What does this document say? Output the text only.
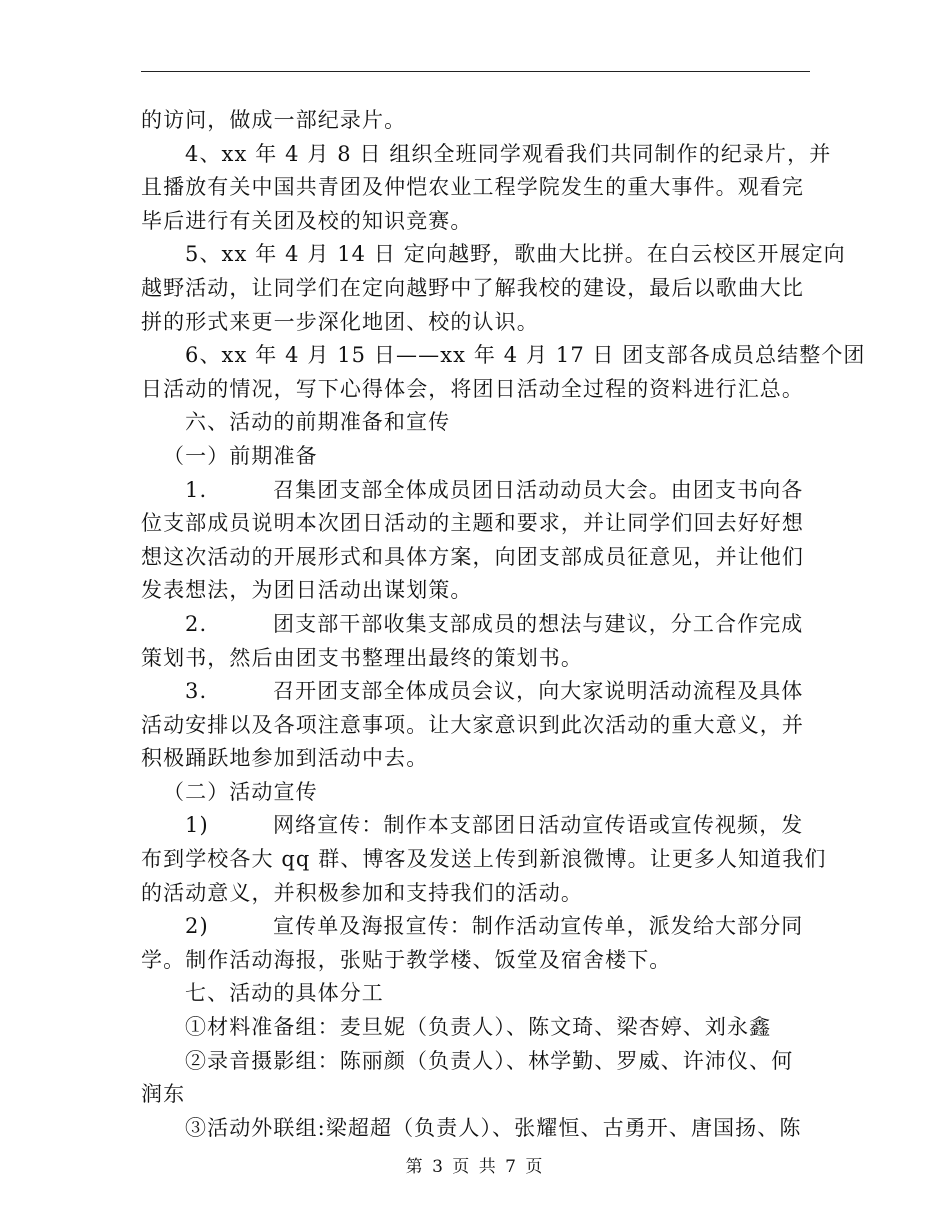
的访问，做成一部纪录片。
4、xx 年 4 月 8 日 组织全班同学观看我们共同制作的纪录片，并
且播放有关中国共青团及仲恺农业工程学院发生的重大事件。观看完
毕后进行有关团及校的知识竞赛。
5、xx 年 4 月 14 日 定向越野，歌曲大比拼。在白云校区开展定向
越野活动，让同学们在定向越野中了解我校的建设，最后以歌曲大比
拼的形式来更一步深化地团、校的认识。
6、xx 年 4 月 15 日——xx 年 4 月 17 日 团支部各成员总结整个团
日活动的情况，写下心得体会，将团日活动全过程的资料进行汇总。
六、活动的前期准备和宣传
（一）前期准备
1.	召集团支部全体成员团日活动动员大会。由团支书向各
位支部成员说明本次团日活动的主题和要求，并让同学们回去好好想
想这次活动的开展形式和具体方案，向团支部成员征意见，并让他们
发表想法，为团日活动出谋划策。
2.	团支部干部收集支部成员的想法与建议，分工合作完成
策划书，然后由团支书整理出最终的策划书。
3.	召开团支部全体成员会议，向大家说明活动流程及具体
活动安排以及各项注意事项。让大家意识到此次活动的重大意义，并
积极踊跃地参加到活动中去。
（二）活动宣传
1)	网络宣传：制作本支部团日活动宣传语或宣传视频，发
布到学校各大 qq 群、博客及发送上传到新浪微博。让更多人知道我们
的活动意义，并积极参加和支持我们的活动。
2)	宣传单及海报宣传：制作活动宣传单，派发给大部分同
学。制作活动海报，张贴于教学楼、饭堂及宿舍楼下。
七、活动的具体分工
①材料准备组：麦旦妮（负责人）、陈文琦、梁杏婷、刘永鑫
②录音摄影组：陈丽颜（负责人）、林学勤、罗威、许沛仪、何
润东
③活动外联组:梁超超（负责人）、张耀恒、古勇开、唐国扬、陈
第 3 页 共 7 页
